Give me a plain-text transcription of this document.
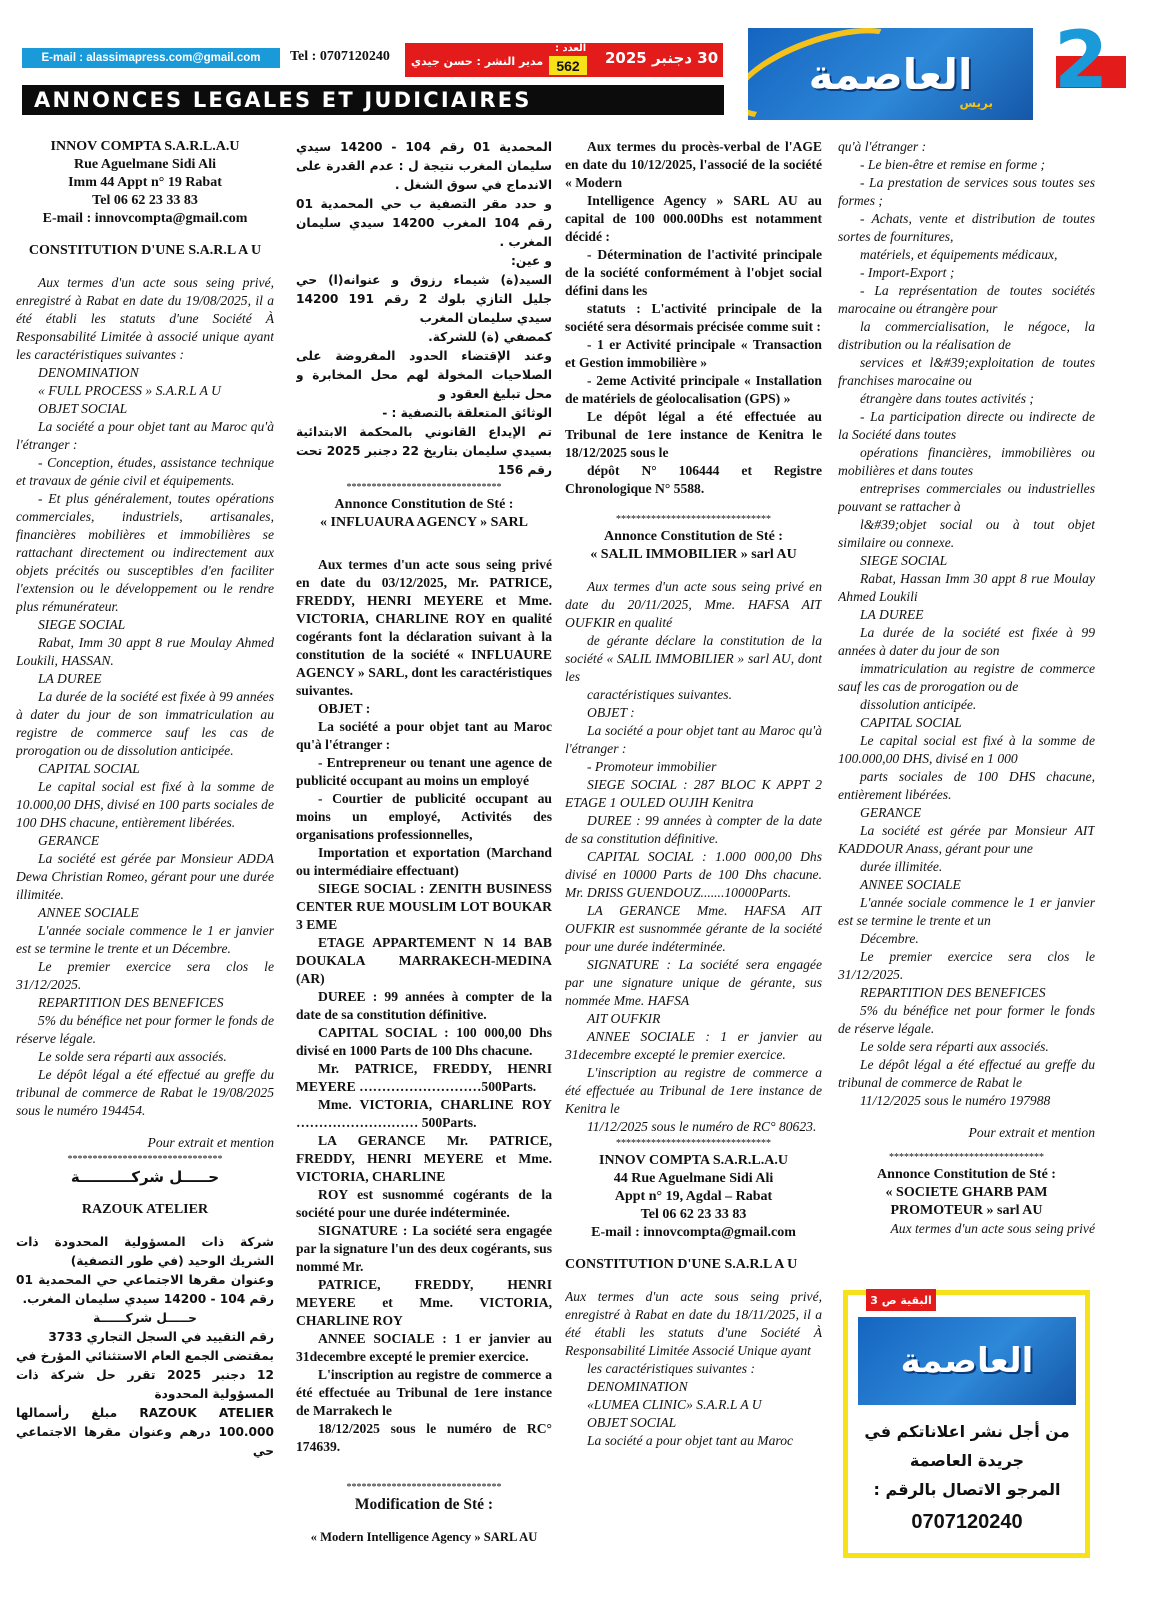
E-mail : alassimapress.com@gmail.com	Tel : 0707120240 مدير النشر : حسن جيدي
العدد :
562	30 دجنبر 2025
ANNONCES LEGALES ET JUDICIAIRES
العاصمة
بريس 2

INNOV COMPTA S.A.R.L.A.U

Rue Aguelmane Sidi Ali

Imm 44 Appt n° 19 Rabat

Tel 06 62 23 33 83

E-mail : innovcompta@gmail.com

CONSTITUTION D'UNE S.A.R.L A U

Aux termes d'un acte sous seing privé, enregistré à Rabat en date du 19/08/2025, il a été établi les statuts d'une Société À Responsabilité Limitée à associé unique ayant les caractéristiques suivantes :

DENOMINATION

« FULL PROCESS » S.A.R.L A U

OBJET SOCIAL

La société a pour objet tant au Maroc qu'à l'étranger :

- Conception, études, assistance technique et travaux de génie civil et équipements.

- Et plus généralement, toutes opérations commerciales, industriels, artisanales, financières mobilières et immobilières se rattachant directement ou indirectement aux objets précités ou susceptibles d'en faciliter l'extension ou le développement ou le rendre plus rémunérateur.

SIEGE SOCIAL

Rabat, Imm 30 appt 8 rue Moulay Ahmed Loukili, HASSAN.

LA DUREE

La durée de la société est fixée à 99 années à dater du jour de son immatriculation au registre de commerce sauf les cas de prorogation ou de dissolution anticipée.

CAPITAL SOCIAL

Le capital social est fixé à la somme de 10.000,00 DHS, divisé en 100 parts sociales de 100 DHS chacune, entièrement libérées.

GERANCE

La société est gérée par Monsieur ADDA Dewa Christian Romeo, gérant pour une durée illimitée.

ANNEE SOCIALE

L'année sociale commence le 1 er janvier est se termine le trente et un Décembre.

Le premier exercice sera clos le 31/12/2025.

REPARTITION DES BENEFICES

5% du bénéfice net pour former le fonds de réserve légale.

Le solde sera réparti aux associés.

Le dépôt légal a été effectué au greffe du tribunal de commerce de Rabat le 19/08/2025 sous le numéro 194454.

Pour extrait et mention

*******************************

حـــــل شركــــــــــة

RAZOUK ATELIER

شركة ذات المسؤولية المحدودة ذات الشريك الوحيد (في طور التصفية)

وعنوان مقرها الاجتماعي حي المحمدية 01 رقم 104 - 14200 سيدي سليمان المغرب.

حـــــل شركــــــة

رقم التقييد في السجل التجاري 3733

بمقتضى الجمع العام الاستثنائي المؤرخ في 12 دجنبر 2025 تقرر حل شركة ذات المسؤولية المحدودة

RAZOUK ATELIER مبلغ رأسمالها 100.000 درهم وعنوان مقرها الاجتماعي حي

المحمدية 01 رقم 104 - 14200 سيدي سليمان المغرب نتيجة ل : عدم القدرة على الاندماج في سوق الشغل .

و حدد مقر التصفية ب حي المحمدية 01 رقم 104 المغرب 14200 سيدي سليمان المغرب .

و عين:

السيد(ة) شيماء رزوق و عنوانه(ا) حي جليل التازي بلوك 2 رقم 191 14200 سيدي سليمان المغرب

كمصفي (ة) للشركة.

وعند الإقتضاء الحدود المفروضة على الصلاحيات المخولة لهم محل المخابرة و محل تبليغ العقود و

الوثائق المتعلقة بالتصفية : -

تم الإيداع القانوني بالمحكمة الابتدائية بسيدي سليمان بتاريخ 22 دجنبر 2025 تحت رقم 156

*******************************

Annonce Constitution de Sté :

« INFLUAURA AGENCY » SARL

Aux termes d'un acte sous seing privé en date du 03/12/2025, Mr. PATRICE, FREDDY, HENRI MEYERE et Mme. VICTORIA, CHARLINE ROY en qualité cogérants font la déclaration suivant à la constitution de la société « INFLUAURE AGENCY » SARL, dont les caractéristiques suivantes.

OBJET :

La société a pour objet tant au Maroc qu'à l'étranger :

- Entrepreneur ou tenant une agence de publicité occupant au moins un employé

- Courtier de publicité occupant au moins un employé, Activités des organisations professionnelles,

Importation et exportation (Marchand ou intermédiaire effectuant)

SIEGE SOCIAL : ZENITH BUSINESS CENTER RUE MOUSLIM LOT BOUKAR 3 EME

ETAGE APPARTEMENT N 14 BAB DOUKALA MARRAKECH-MEDINA (AR)

DUREE : 99 années à compter de la date de sa constitution définitive.

CAPITAL SOCIAL : 100 000,00 Dhs divisé en 1000 Parts de 100 Dhs chacune.

Mr. PATRICE, FREDDY, HENRI MEYERE ………………………500Parts.

Mme. VICTORIA, CHARLINE ROY ……………………… 500Parts.

LA GERANCE Mr. PATRICE, FREDDY, HENRI MEYERE et Mme. VICTORIA, CHARLINE

ROY est susnommé cogérants de la société pour une durée indéterminée.

SIGNATURE : La société sera engagée par la signature l'un des deux cogérants, sus nommé Mr.

PATRICE, FREDDY, HENRI MEYERE et Mme. VICTORIA, CHARLINE ROY

ANNEE SOCIALE : 1 er janvier au 31decembre excepté le premier exercice.

L'inscription au registre de commerce a été effectuée au Tribunal de 1ere instance de Marrakech le

18/12/2025 sous le numéro de RC° 174639.

*******************************

Modification de Sté :

« Modern Intelligence Agency » SARL AU

Aux termes du procès-verbal de l'AGE en date du 10/12/2025, l'associé de la société « Modern

Intelligence Agency » SARL AU au capital de 100 000.00Dhs est notamment décidé :

- Détermination de l'activité principale de la société conformément à l'objet social défini dans les

statuts : L'activité principale de la société sera désormais précisée comme suit :

- 1 er Activité principale « Transaction et Gestion immobilière »

- 2eme Activité principale « Installation de matériels de géolocalisation (GPS) »

Le dépôt légal a été effectuée au Tribunal de 1ere instance de Kenitra le 18/12/2025 sous le

dépôt N° 106444 et Registre Chronologique N° 5588.

*******************************

Annonce Constitution de Sté :

« SALIL IMMOBILIER » sarl AU

Aux termes d'un acte sous seing privé en date du 20/11/2025, Mme. HAFSA AIT OUFKIR en qualité

de gérante déclare la constitution de la société « SALIL IMMOBILIER » sarl AU, dont les

caractéristiques suivantes.

OBJET :

La société a pour objet tant au Maroc qu'à l'étranger :

- Promoteur immobilier

SIEGE SOCIAL : 287 BLOC K APPT 2 ETAGE 1 OULED OUJIH Kenitra

DUREE : 99 années à compter de la date de sa constitution définitive.

CAPITAL SOCIAL : 1.000 000,00 Dhs divisé en 10000 Parts de 100 Dhs chacune. Mr. DRISS GUENDOUZ.......10000Parts.

LA GERANCE Mme. HAFSA AIT OUFKIR est susnommée gérante de la société pour une durée indéterminée.

SIGNATURE : La société sera engagée par une signature unique de gérante, sus nommée Mme. HAFSA

AIT OUFKIR

ANNEE SOCIALE : 1 er janvier au 31decembre excepté le premier exercice.

L'inscription au registre de commerce a été effectuée au Tribunal de 1ere instance de Kenitra le

11/12/2025 sous le numéro de RC° 80623.

*******************************

INNOV COMPTA S.A.R.L.A.U

44 Rue Aguelmane Sidi Ali

Appt n° 19, Agdal – Rabat

Tel 06 62 23 33 83

E-mail : innovcompta@gmail.com

CONSTITUTION D'UNE S.A.R.L A U

Aux termes d'un acte sous seing privé, enregistré à Rabat en date du 18/11/2025, il a été établi les statuts d'une Société À Responsabilité Limitée Associé Unique ayant

les caractéristiques suivantes :

DENOMINATION

«LUMEA CLINIC» S.A.R.L A U

OBJET SOCIAL

La société a pour objet tant au Maroc

qu'à l'étranger :

- Le bien-être et remise en forme ;

- La prestation de services sous toutes ses formes ;

- Achats, vente et distribution de toutes sortes de fournitures,

matériels, et équipements médicaux,

- Import-Export ;

- La représentation de toutes sociétés marocaine ou étrangère pour

la commercialisation, le négoce, la distribution ou la réalisation de

services et l&#39;exploitation de toutes franchises marocaine ou

étrangère dans toutes activités ;

- La participation directe ou indirecte de la Société dans toutes

opérations financières, immobilières ou mobilières et dans toutes

entreprises commerciales ou industrielles pouvant se rattacher à

l&#39;objet social ou à tout objet similaire ou connexe.

SIEGE SOCIAL

Rabat, Hassan Imm 30 appt 8 rue Moulay Ahmed Loukili

LA DUREE

La durée de la société est fixée à 99 années à dater du jour de son

immatriculation au registre de commerce sauf les cas de prorogation ou de

dissolution anticipée.

CAPITAL SOCIAL

Le capital social est fixé à la somme de 100.000,00 DHS, divisé en 1 000

parts sociales de 100 DHS chacune, entièrement libérées.

GERANCE

La société est gérée par Monsieur AIT KADDOUR Anass, gérant pour une

durée illimitée.

ANNEE SOCIALE

L'année sociale commence le 1 er janvier est se termine le trente et un

Décembre.

Le premier exercice sera clos le 31/12/2025.

REPARTITION DES BENEFICES

5% du bénéfice net pour former le fonds de réserve légale.

Le solde sera réparti aux associés.

Le dépôt légal a été effectué au greffe du tribunal de commerce de Rabat le

11/12/2025 sous le numéro 197988

Pour extrait et mention

*******************************

Annonce Constitution de Sté :

« SOCIETE GHARB PAM PROMOTEUR » sarl AU

Aux termes d'un acte sous seing privé

البقية ص 3
العاصمة
من أجل نشر اعلاناتكم في
جريدة العاصمة
المرجو الاتصال بالرقم :
0707120240
